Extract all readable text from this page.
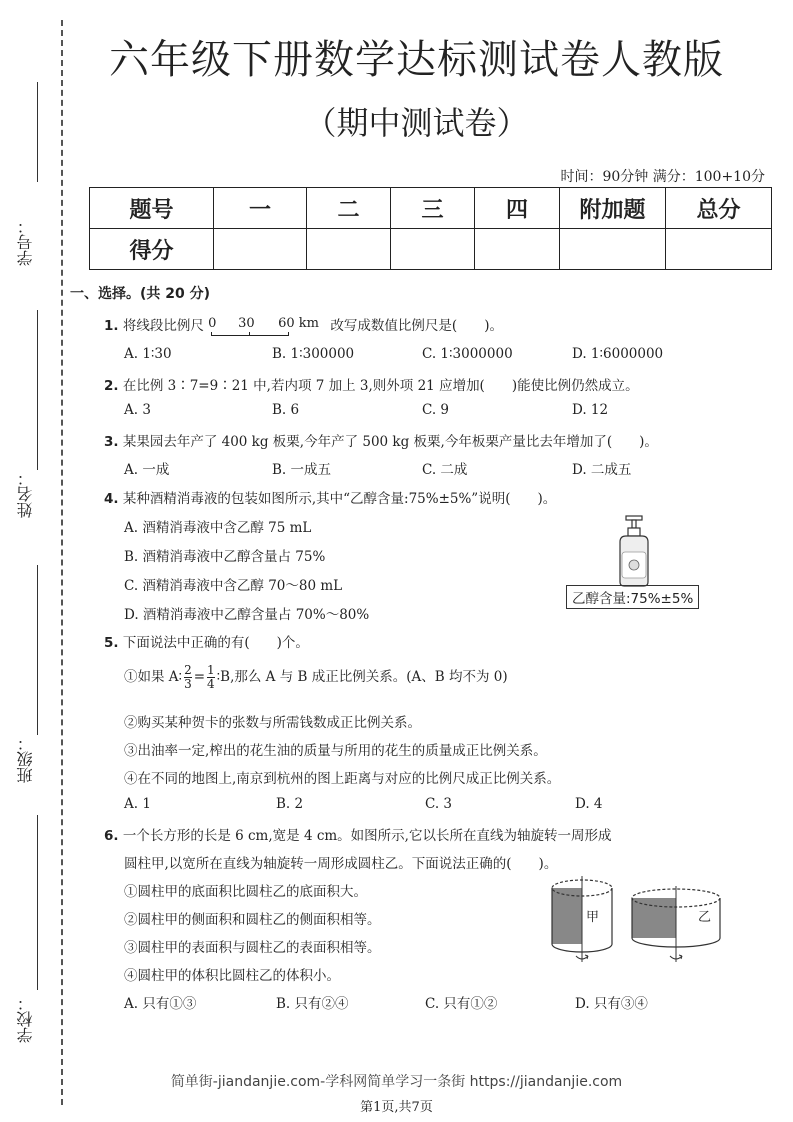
学号：
姓名：
班级：
学校：
六年级下册数学达标测试卷人教版
（期中测试卷）
时间：90分钟 满分：100+10分
题号	一	二	三	四	附加题	总分
得分						
一、选择。(共 20 分)
1. 将线段比例尺 0 30 60 km 改写成数值比例尺是(　　)。
A. 1∶30	B. 1∶300000	C. 1∶3000000	D. 1∶6000000
2. 在比例 3∶7=9∶21 中,若内项 7 加上 3,则外项 21 应增加(　　)能使比例仍然成立。
A. 3	B. 6	C. 9	D. 12
3. 某果园去年产了 400 kg 板栗,今年产了 500 kg 板栗,今年板栗产量比去年增加了(　　)。
A. 一成	B. 一成五	C. 二成	D. 二成五
4. 某种酒精消毒液的包装如图所示,其中“乙醇含量:75%±5%”说明(　　)。
A. 酒精消毒液中含乙醇 75 mL
B. 酒精消毒液中乙醇含量占 75%
C. 酒精消毒液中含乙醇 70～80 mL
D. 酒精消毒液中乙醇含量占 70%～80%
乙醇含量:75%±5%
5. 下面说法中正确的有(　　)个。
①如果 A∶ $\frac{2}{3} = \frac{1}{4}$ ∶B,那么 A 与 B 成正比例关系。(A、B 均不为 0)
②购买某种贺卡的张数与所需钱数成正比例关系。
③出油率一定,榨出的花生油的质量与所用的花生的质量成正比例关系。
④在不同的地图上,南京到杭州的图上距离与对应的比例尺成正比例关系。
A. 1	B. 2	C. 3	D. 4
6. 一个长方形的长是 6 cm,宽是 4 cm。如图所示,它以长所在直线为轴旋转一周形成
圆柱甲,以宽所在直线为轴旋转一周形成圆柱乙。下面说法正确的(　　)。
①圆柱甲的底面积比圆柱乙的底面积大。
②圆柱甲的侧面积和圆柱乙的侧面积相等。
③圆柱甲的表面积与圆柱乙的表面积相等。
④圆柱甲的体积比圆柱乙的体积小。
A. 只有①③	B. 只有②④	C. 只有①②	D. 只有③④
甲	乙
简单街-jiandanjie.com-学科网简单学习一条街 https://jiandanjie.com
第1页,共7页
